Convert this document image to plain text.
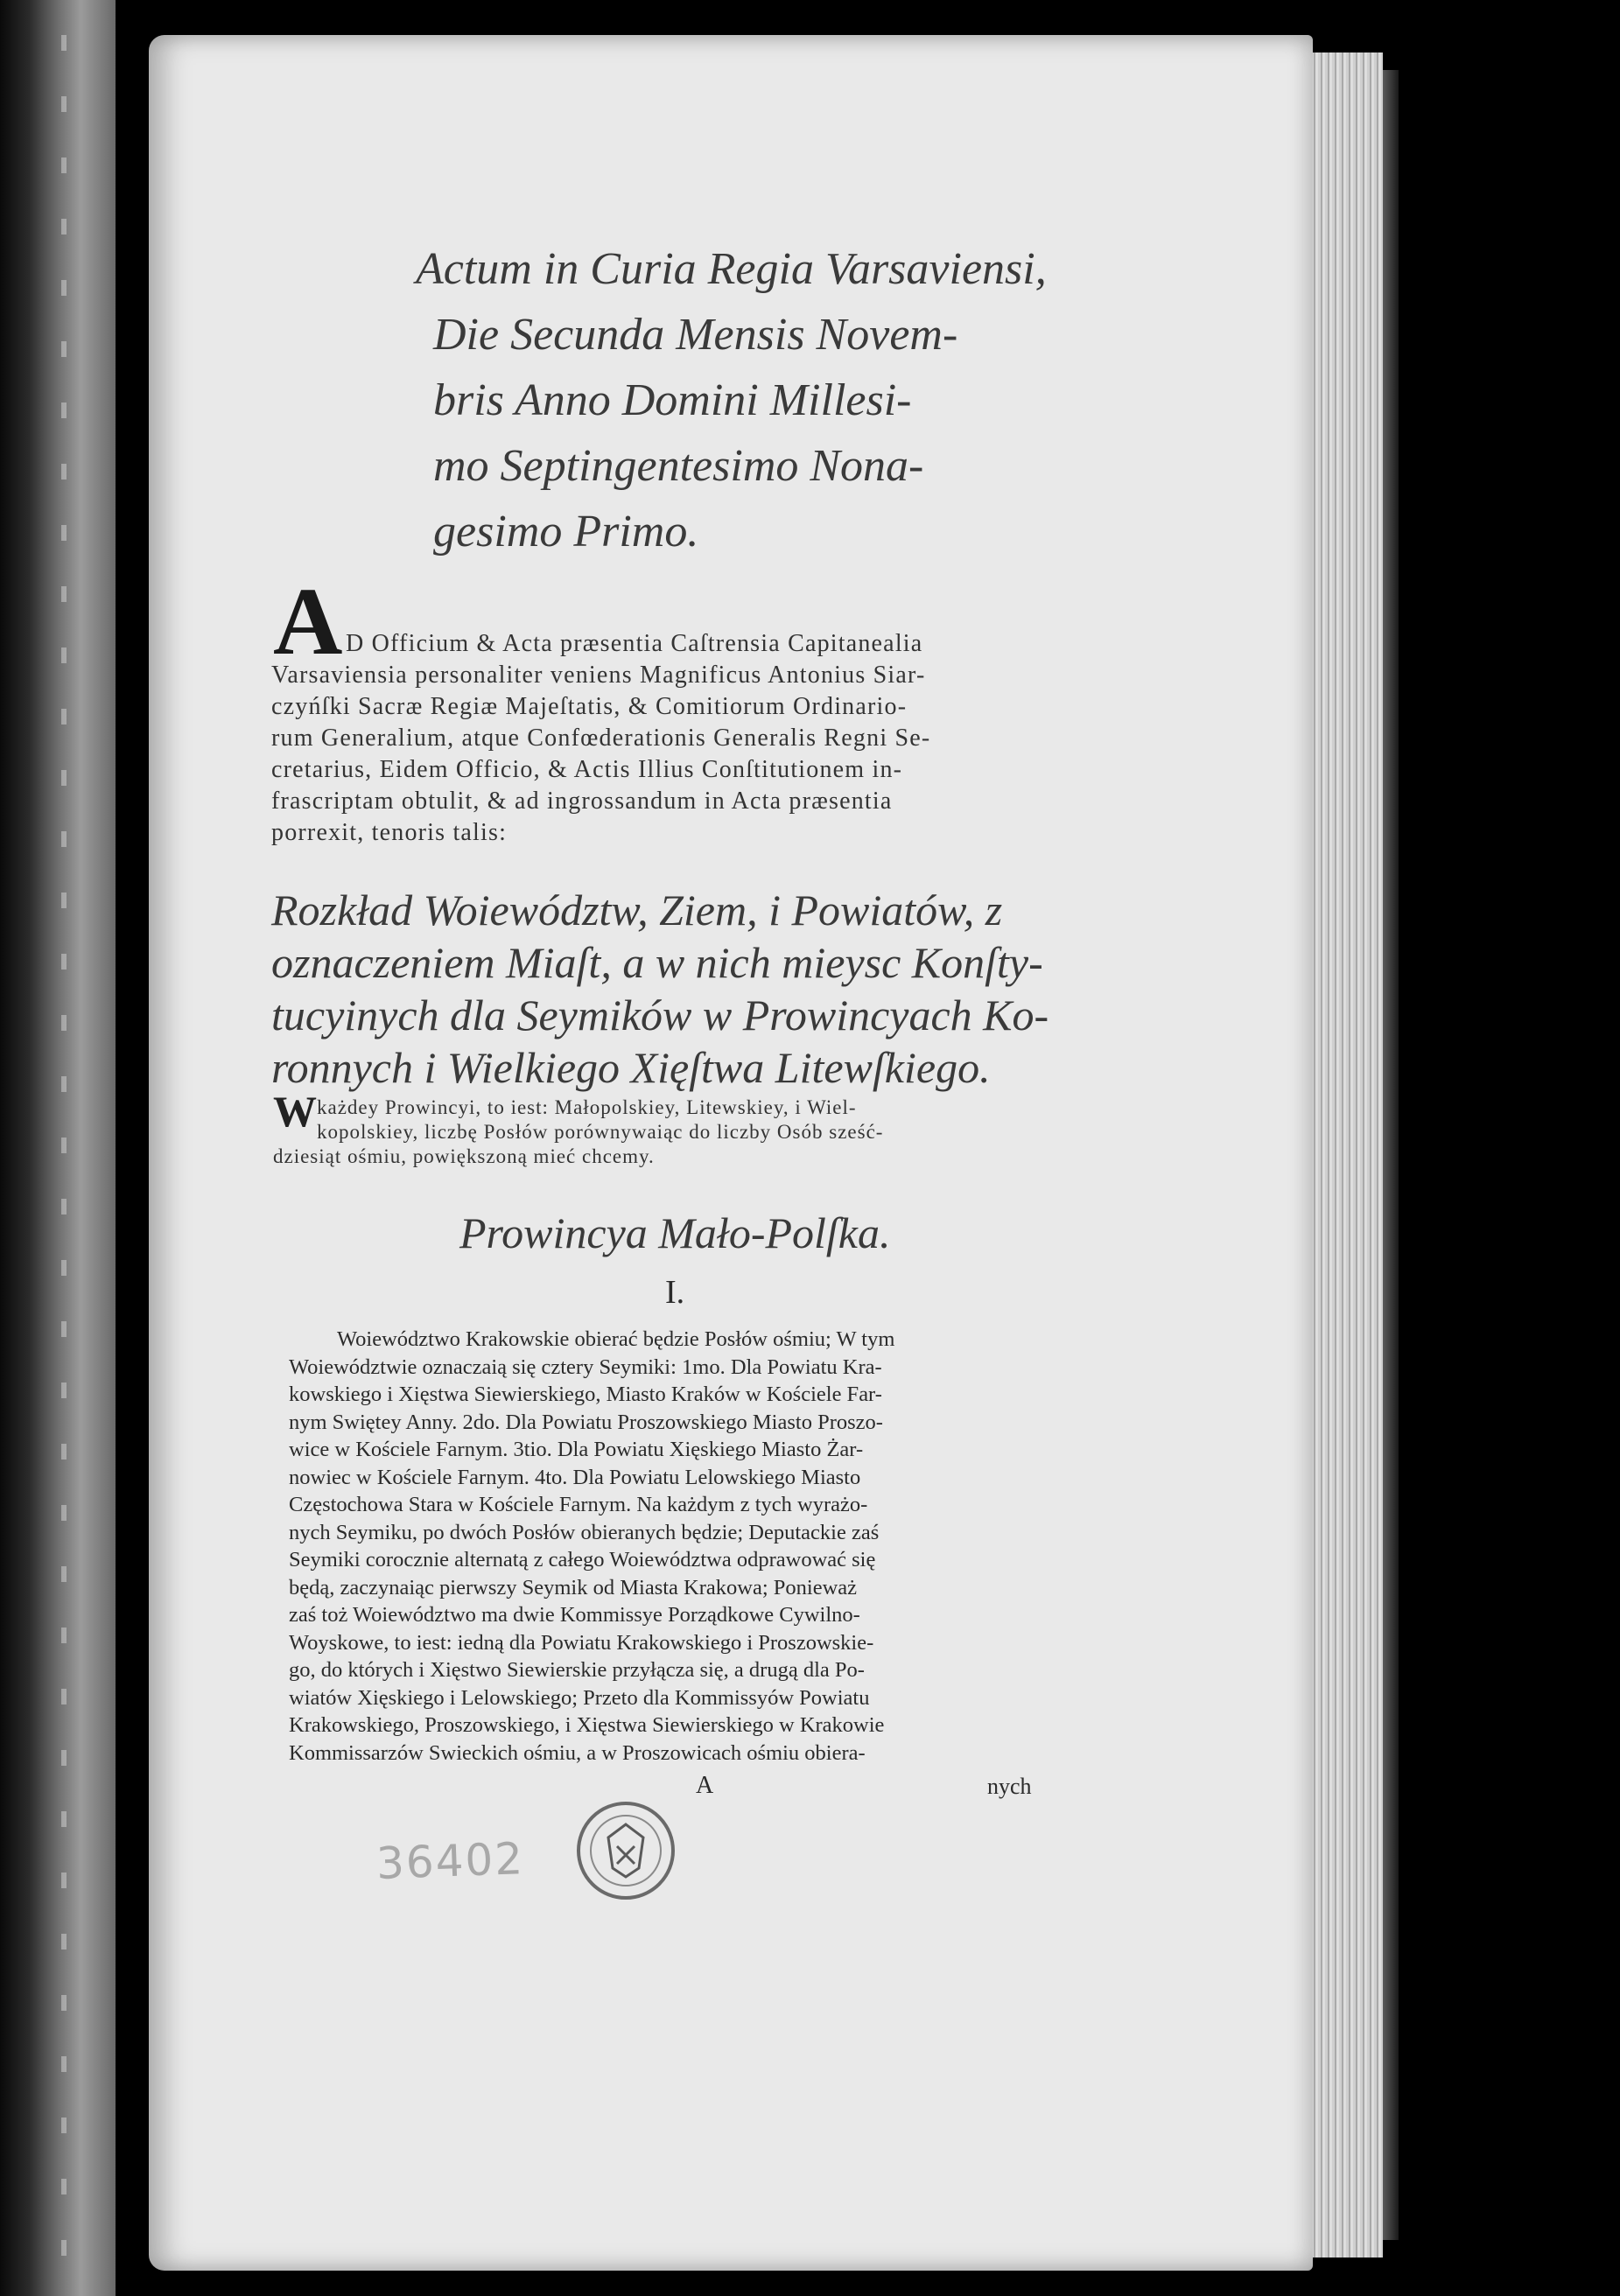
Actum in Curia Regia Varsaviensi,
Die Secunda Mensis Novem-
bris Anno Domini Millesi-
mo Septingentesimo Nona-
gesimo Primo.
A D Officium & Acta præsentia Caſtrensia Capitanealia
Varsaviensia personaliter veniens Magnificus Antonius Siar-
czyńſki Sacræ Regiæ Majeſtatis, & Comitiorum Ordinario-
rum Generalium, atque Confœderationis Generalis Regni Se-
cretarius, Eidem Officio, & Actis Illius Conſtitutionem in-
frascriptam obtulit, & ad ingrossandum in Acta præsentia
porrexit, tenoris talis:
Rozkład Woiewództw, Ziem, i Powiatów, z
oznaczeniem Miaſt, a w nich mieysc Konſty-
tucyinych dla Seymików w Prowincyach Ko-
ronnych i Wielkiego Xięſtwa Litewſkiego.
W każdey Prowincyi, to iest: Małopolskiey, Litewskiey, i Wiel-
kopolskiey, liczbę Posłów porównywaiąc do liczby Osób sześć-
dziesiąt ośmiu, powiększoną mieć chcemy.
Prowincya Mało-Polſka.
I.
Woiewództwo Krakowskie obierać będzie Posłów ośmiu; W tym
Woiewództwie oznaczaią się cztery Seymiki: 1mo. Dla Powiatu Kra-
kowskiego i Xięstwa Siewierskiego, Miasto Kraków w Kościele Far-
nym Swiętey Anny. 2do. Dla Powiatu Proszowskiego Miasto Proszo-
wice w Kościele Farnym. 3tio. Dla Powiatu Xięskiego Miasto Żar-
nowiec w Kościele Farnym. 4to. Dla Powiatu Lelowskiego Miasto
Częstochowa Stara w Kościele Farnym. Na każdym z tych wyrażo-
nych Seymiku, po dwóch Posłów obieranych będzie; Deputackie zaś
Seymiki corocznie alternatą z całego Woiewództwa odprawować się
będą, zaczynaiąc pierwszy Seymik od Miasta Krakowa; Ponieważ
zaś toż Woiewództwo ma dwie Kommissye Porządkowe Cywilno-
Woyskowe, to iest: iedną dla Powiatu Krakowskiego i Proszowskie-
go, do których i Xięstwo Siewierskie przyłącza się, a drugą dla Po-
wiatów Xięskiego i Lelowskiego; Przeto dla Kommissyów Powiatu
Krakowskiego, Proszowskiego, i Xięstwa Siewierskiego w Krakowie
Kommissarzów Swieckich ośmiu, a w Proszowicach ośmiu obiera-
A	nych
36402
